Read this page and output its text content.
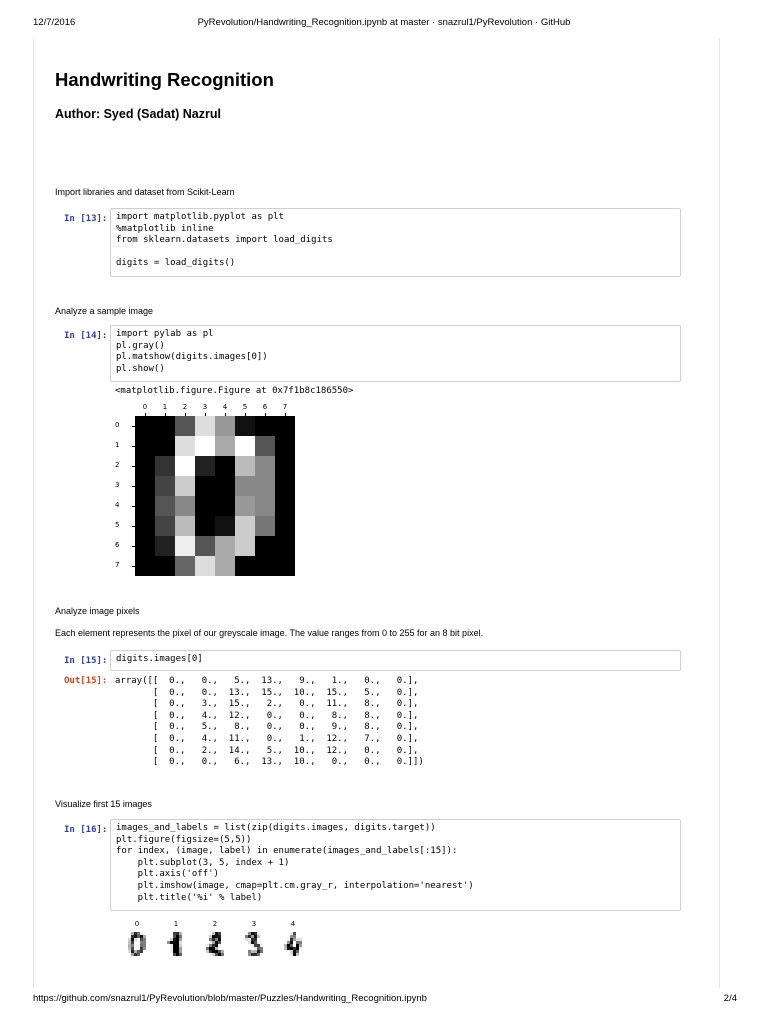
12/7/2016	PyRevolution/Handwriting_Recognition.ipynb at master · snazrul1/PyRevolution · GitHub
Handwriting Recognition
Author: Syed (Sadat) Nazrul
Import libraries and dataset from Scikit-Learn
In [13]: import matplotlib.pyplot as plt
%matplotlib inline
from sklearn.datasets import load_digits

digits = load_digits()
Analyze a sample image
In [14]: import pylab as pl
pl.gray()
pl.matshow(digits.images[0])
pl.show()
<matplotlib.figure.Figure at 0x7f1b8c186550>
0	1	2	3	4	5	6	7
0
1
2
3
4
5
6
7
Analyze image pixels
Each element represents the pixel of our greyscale image. The value ranges from 0 to 255 for an 8 bit pixel.
In [15]: digits.images[0]
Out[15]: array([[  0.,   0.,   5.,  13.,   9.,   1.,   0.,   0.],
[  0.,   0.,  13.,  15.,  10.,  15.,   5.,   0.],
[  0.,   3.,  15.,   2.,   0.,  11.,   8.,   0.],
[  0.,   4.,  12.,   0.,   0.,   8.,   8.,   0.],
[  0.,   5.,   8.,   0.,   0.,   9.,   8.,   0.],
[  0.,   4.,  11.,   0.,   1.,  12.,   7.,   0.],
[  0.,   2.,  14.,   5.,  10.,  12.,   0.,   0.],
[  0.,   0.,   6.,  13.,  10.,   0.,   0.,   0.]])
Visualize first 15 images
In [16]: images_and_labels = list(zip(digits.images, digits.target))
plt.figure(figsize=(5,5))
for index, (image, label) in enumerate(images_and_labels[:15]):
plt.subplot(3, 5, index + 1)
plt.axis('off')
plt.imshow(image, cmap=plt.cm.gray_r, interpolation='nearest')
plt.title('%i' % label)
0	1	2	3	4
https://github.com/snazrul1/PyRevolution/blob/master/Puzzles/Handwriting_Recognition.ipynb	2/4
